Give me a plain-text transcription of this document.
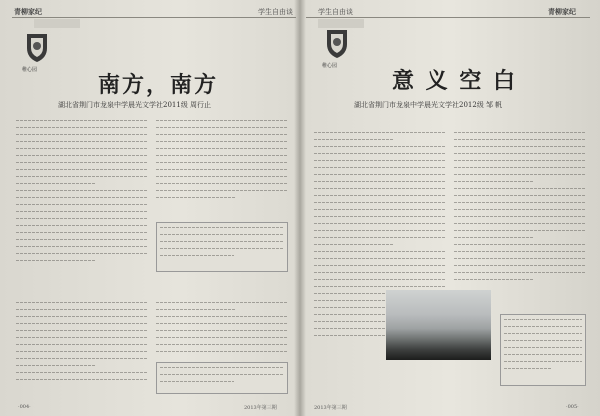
青柳家纪	学生自由谈
稚心园
南方，南方
湖北省荆门市龙泉中学晨光文学社2011级 周行止
·004·	2013年第三期
学生自由谈	青柳家纪
稚心园
意 义 空 白
湖北省荆门市龙泉中学晨光文学社2012级 邹 帆
2013年第三期	·005·
